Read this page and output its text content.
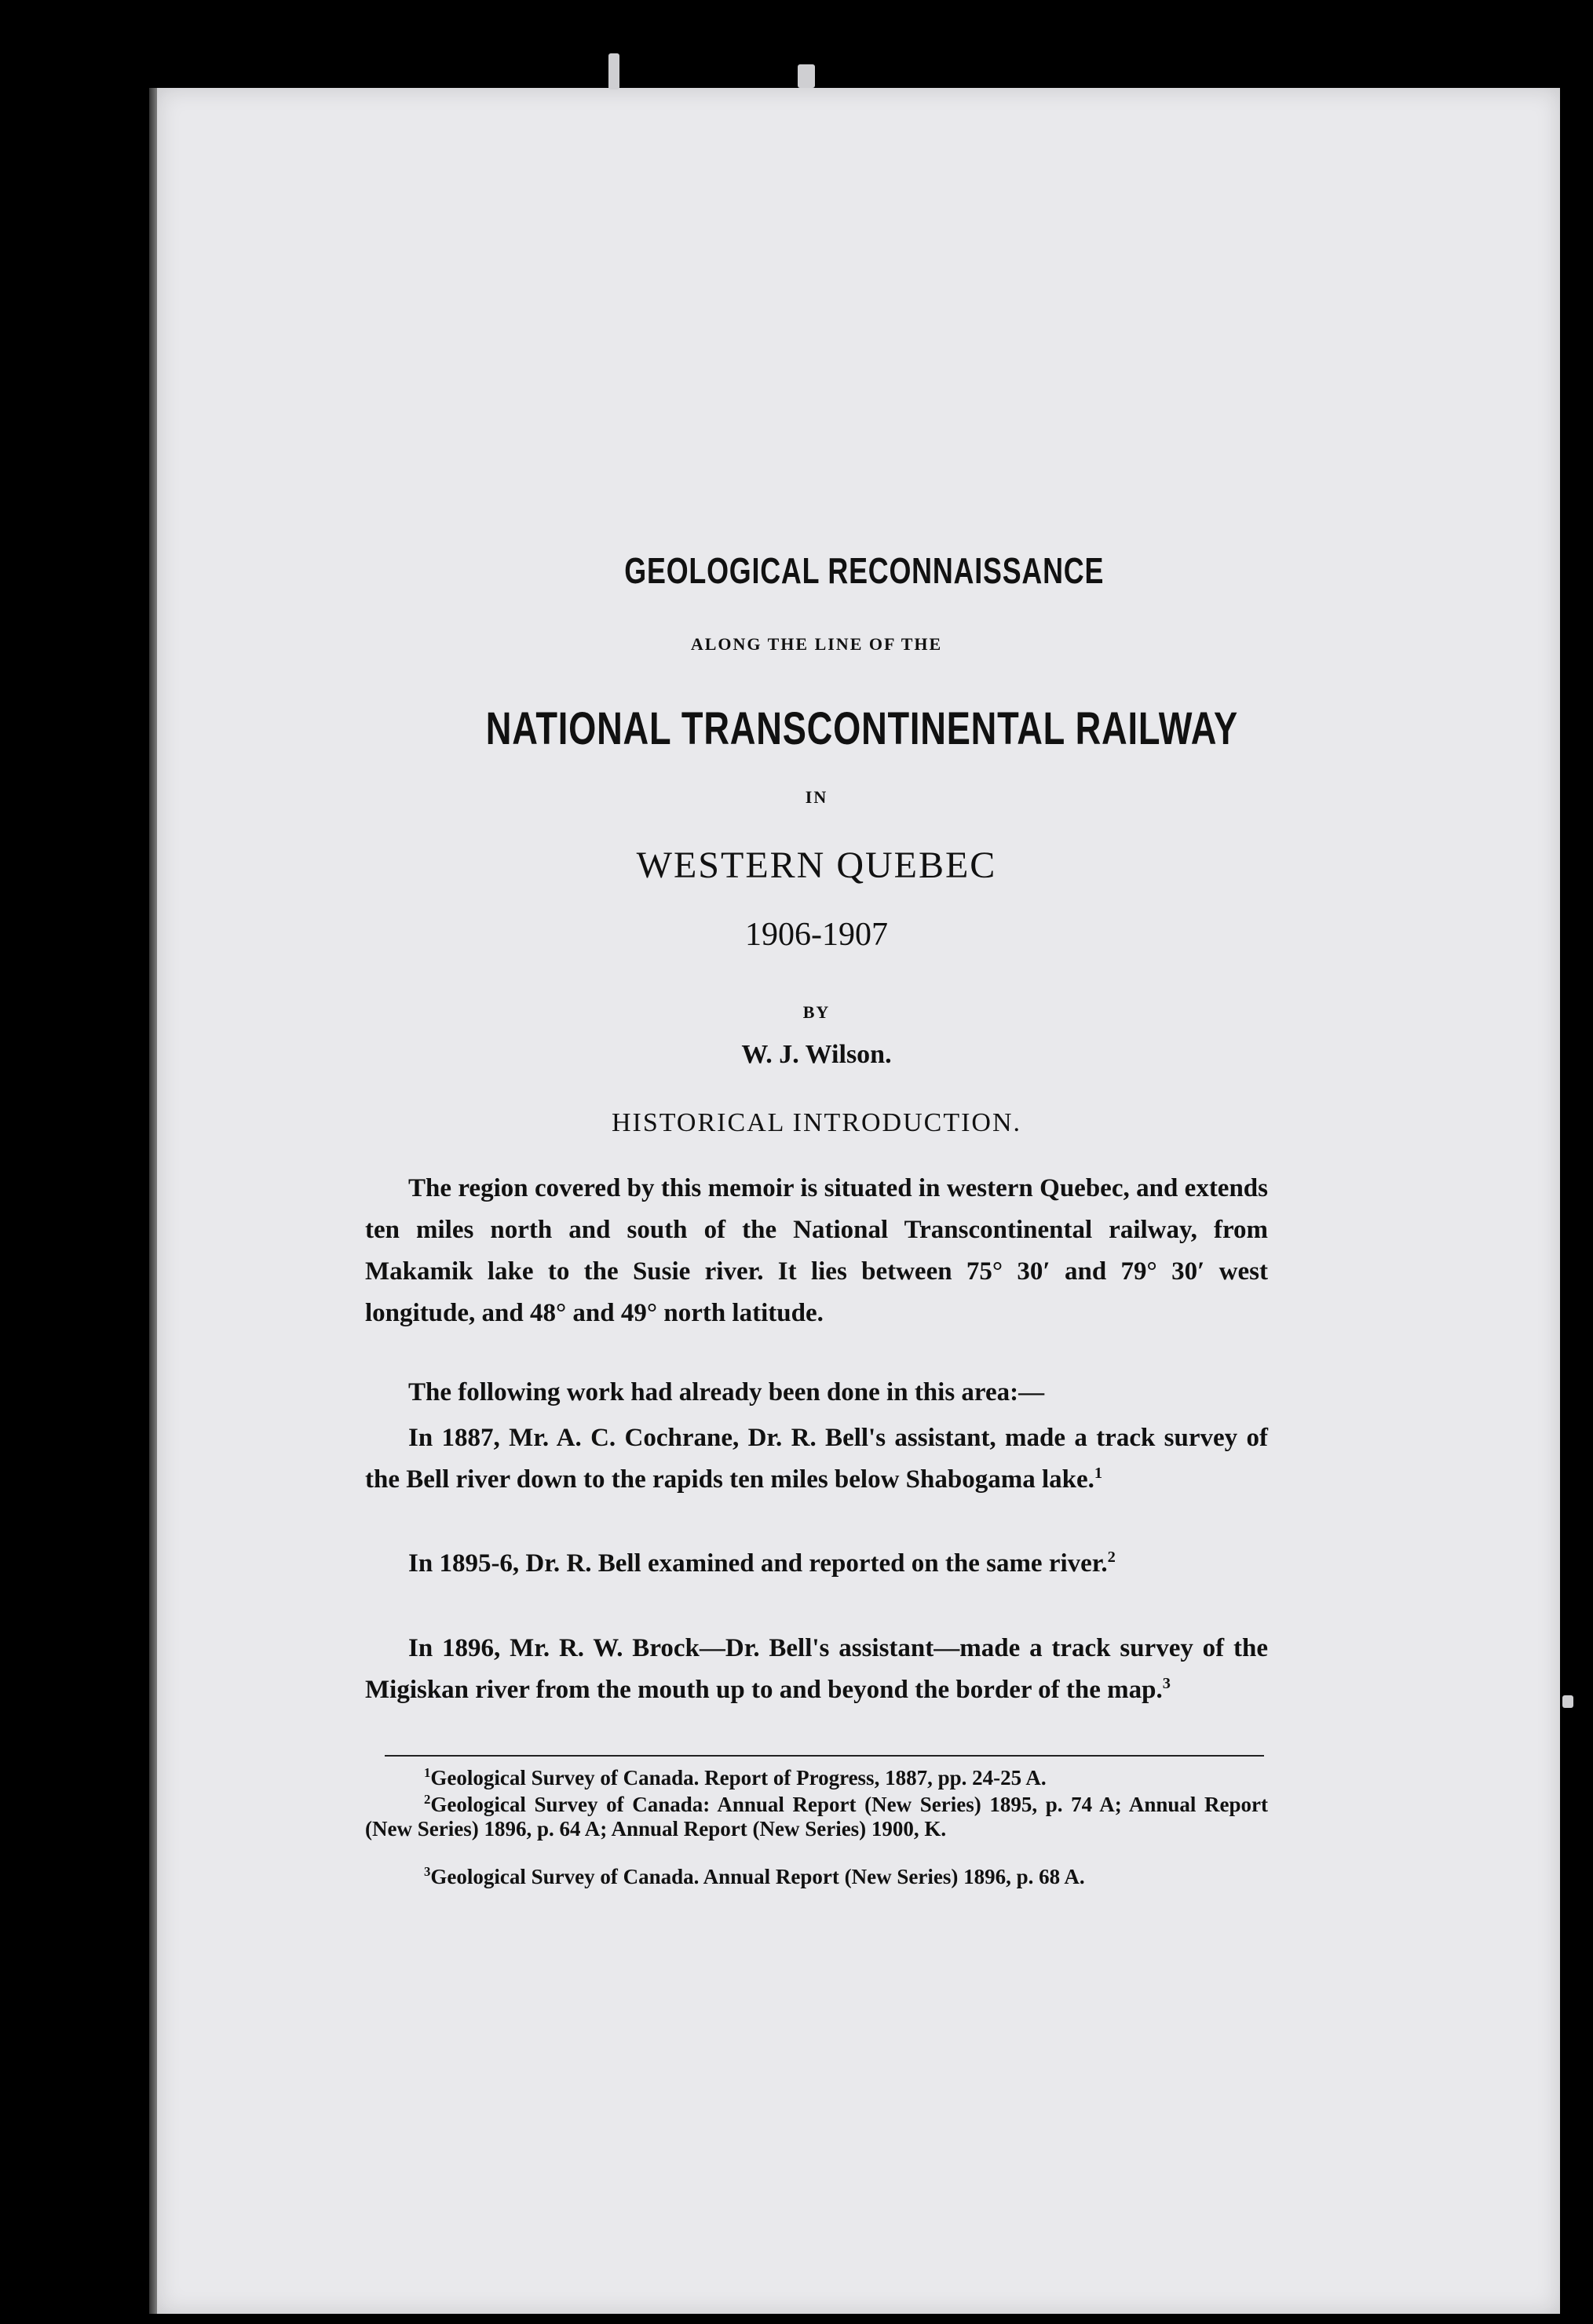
GEOLOGICAL RECONNAISSANCE
ALONG THE LINE OF THE
NATIONAL TRANSCONTINENTAL RAILWAY
IN
WESTERN QUEBEC
1906-1907
BY
W. J. Wilson.
HISTORICAL INTRODUCTION.

The region covered by this memoir is situated in western Quebec, and extends ten miles north and south of the National Transcontinental railway, from Makamik lake to the Susie river. It lies between 75° 30′ and 79° 30′ west longitude, and 48° and 49° north latitude.

The following work had already been done in this area:—

In 1887, Mr. A. C. Cochrane, Dr. R. Bell's assistant, made a track survey of the Bell river down to the rapids ten miles below Shabogama lake.$^1$

In 1895-6, Dr. R. Bell examined and reported on the same river.$^2$

In 1896, Mr. R. W. Brock—Dr. Bell's assistant—made a track survey of the Migiskan river from the mouth up to and beyond the border of the map.$^3$

$^1$Geological Survey of Canada. Report of Progress, 1887, pp. 24-25 A.

$^2$Geological Survey of Canada: Annual Report (New Series) 1895, p. 74 A; Annual Report (New Series) 1896, p. 64 A; Annual Report (New Series) 1900, K.

$^3$Geological Survey of Canada. Annual Report (New Series) 1896, p. 68 A.
